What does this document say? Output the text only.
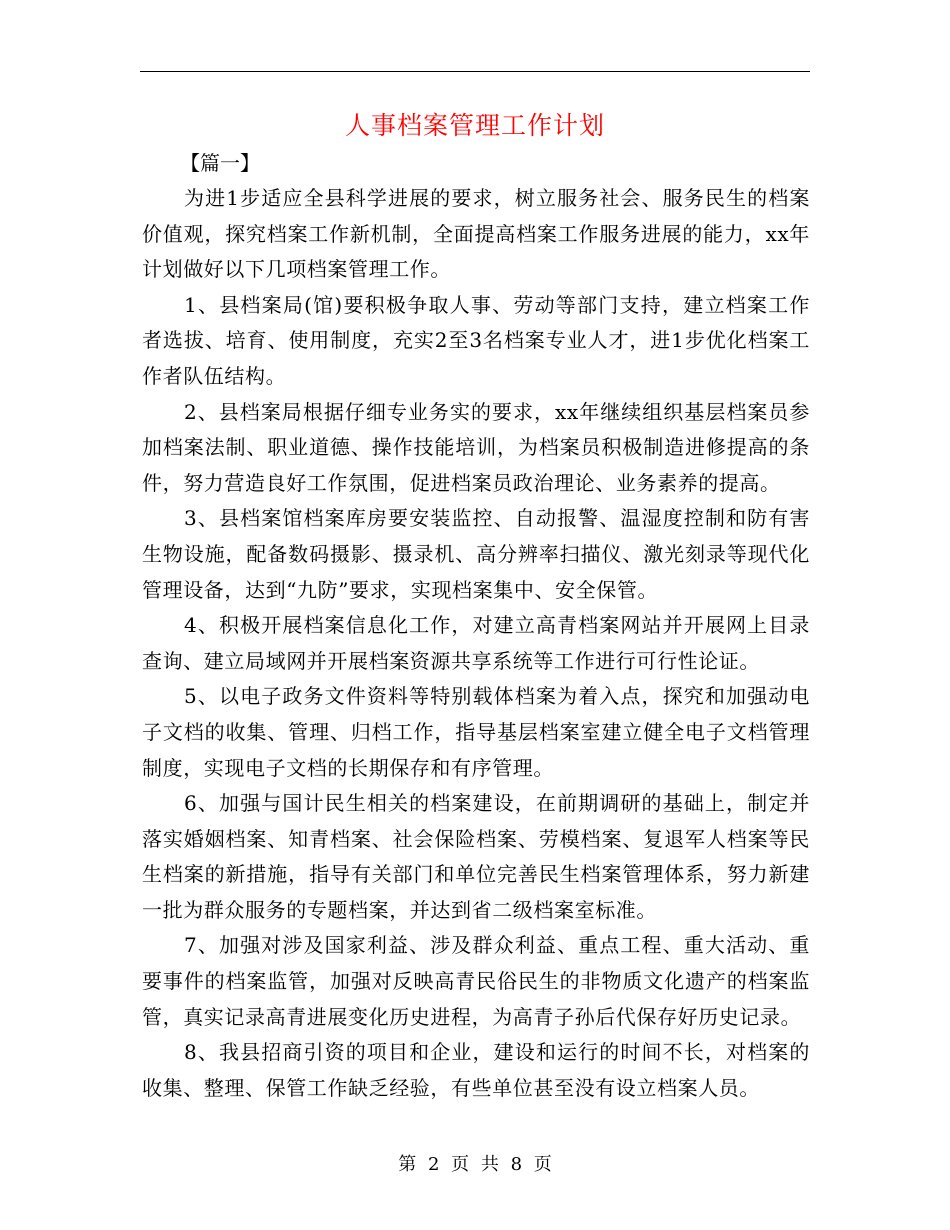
人事档案管理工作计划

【篇一】

为进1步适应全县科学进展的要求，树立服务社会、服务民生的档案价值观，探究档案工作新机制，全面提高档案工作服务进展的能力，xx年计划做好以下几项档案管理工作。

1、县档案局(馆)要积极争取人事、劳动等部门支持，建立档案工作者选拔、培育、使用制度，充实2至3名档案专业人才，进1步优化档案工作者队伍结构。

2、县档案局根据仔细专业务实的要求，xx年继续组织基层档案员参加档案法制、职业道德、操作技能培训，为档案员积极制造进修提高的条件，努力营造良好工作氛围，促进档案员政治理论、业务素养的提高。

3、县档案馆档案库房要安装监控、自动报警、温湿度控制和防有害生物设施，配备数码摄影、摄录机、高分辨率扫描仪、激光刻录等现代化管理设备，达到“九防”要求，实现档案集中、安全保管。

4、积极开展档案信息化工作，对建立高青档案网站并开展网上目录查询、建立局域网并开展档案资源共享系统等工作进行可行性论证。

5、以电子政务文件资料等特别载体档案为着入点，探究和加强动电子文档的收集、管理、归档工作，指导基层档案室建立健全电子文档管理制度，实现电子文档的长期保存和有序管理。

6、加强与国计民生相关的档案建设，在前期调研的基础上，制定并落实婚姻档案、知青档案、社会保险档案、劳模档案、复退军人档案等民生档案的新措施，指导有关部门和单位完善民生档案管理体系，努力新建一批为群众服务的专题档案，并达到省二级档案室标准。

7、加强对涉及国家利益、涉及群众利益、重点工程、重大活动、重要事件的档案监管，加强对反映高青民俗民生的非物质文化遗产的档案监管，真实记录高青进展变化历史进程，为高青子孙后代保存好历史记录。

8、我县招商引资的项目和企业，建设和运行的时间不长，对档案的收集、整理、保管工作缺乏经验，有些单位甚至没有设立档案人员。

第 2 页 共 8 页
